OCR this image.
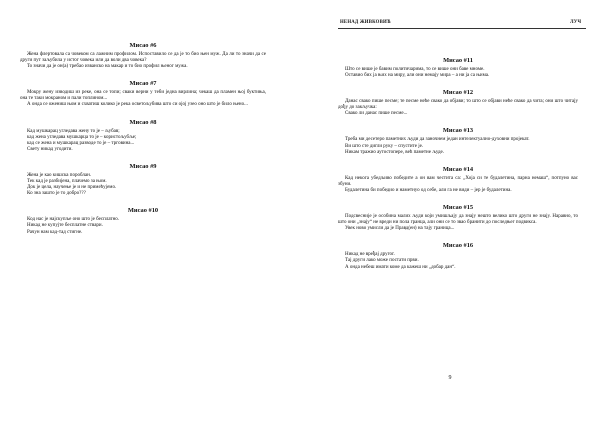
Мисао #6

Жена флертовала са човеком са лажним профилом. Испоставило се да је то био њен муж. Да ли то значи да се други пут заљубила у истог човека или да воли два човека?

То значи да је он(а) требао изванско на макар и то био профил њеног мужа.

Мисао #7

Мокру жену изводиш из реке, она се топи; сваки верни у теби једна вирлина; чекаш да пламен њој буктиња, она те таки мокраном и пали топлином...

А онда се ожениш њом и схватиш колико је река осветољубива што си ојој узео оно што је било њено...

Мисао #8

Кад мушкарац угледава жену то је – љубав;

кад жена угледава мушкарца то је – користољубље;

кад се жена и мушкарац разводе то је – трговина...

Свету никад угодити.

Мисао #9

Жена је као кишска пороблан.

Тек кад је разбијена, плачемо за њом.

Док је цела, научење је и не примећујемо.

Ко зна зашто је то добро???

Мисао #10

Код нас је најскупље оно што је бесплатно.

Никад не купујте бесплатне ствари.

Рачун нам кад-тад стигне.

НЕНАД ЖИВКОВИЋ	ЛУЧ
Мисао #11

Што се више је бавим политичарима, то се више они баве мноме.

Оставио бих ја њих на миру, али они немају мира – а ни ја са њима.

Мисао #12

Данас свако пише песме; те песме неће свако да објави; то што се објави неће свако да чита; они што читају дођу до закључка:

Свако ли данас пише песме...

Мисао #13

Треба ми десетеро паметних људи да заночнем један интелектуално-духовни пројекат.

Ви што сте дигли руку – спустите је.

Никам тражио аутостопере, већ паметне људе.

Мисао #14

Кад некога убедљиво победите а он вам честита са: „Хоја си те будалетина, парна немаш“, потпуно вас збуни.

Будалетина би победио и наметнуо од себе, али га не види – јер је будалетина.

Мисао #15

Подсвесније је особина малих људи који умишљају да знају нешто велико што други не знају. Наравно, то што они „знају“ не вреди ни пола гранца, али они се то звао бранити до последњег подвикса.

Увек ново умисли да је Правд(ен) на тају граница...

Мисао #16

Никад не вређај другог.

Тај други лако може постати први.

А онда небеш имати коме да кажеш ни „добар дан“.

9
